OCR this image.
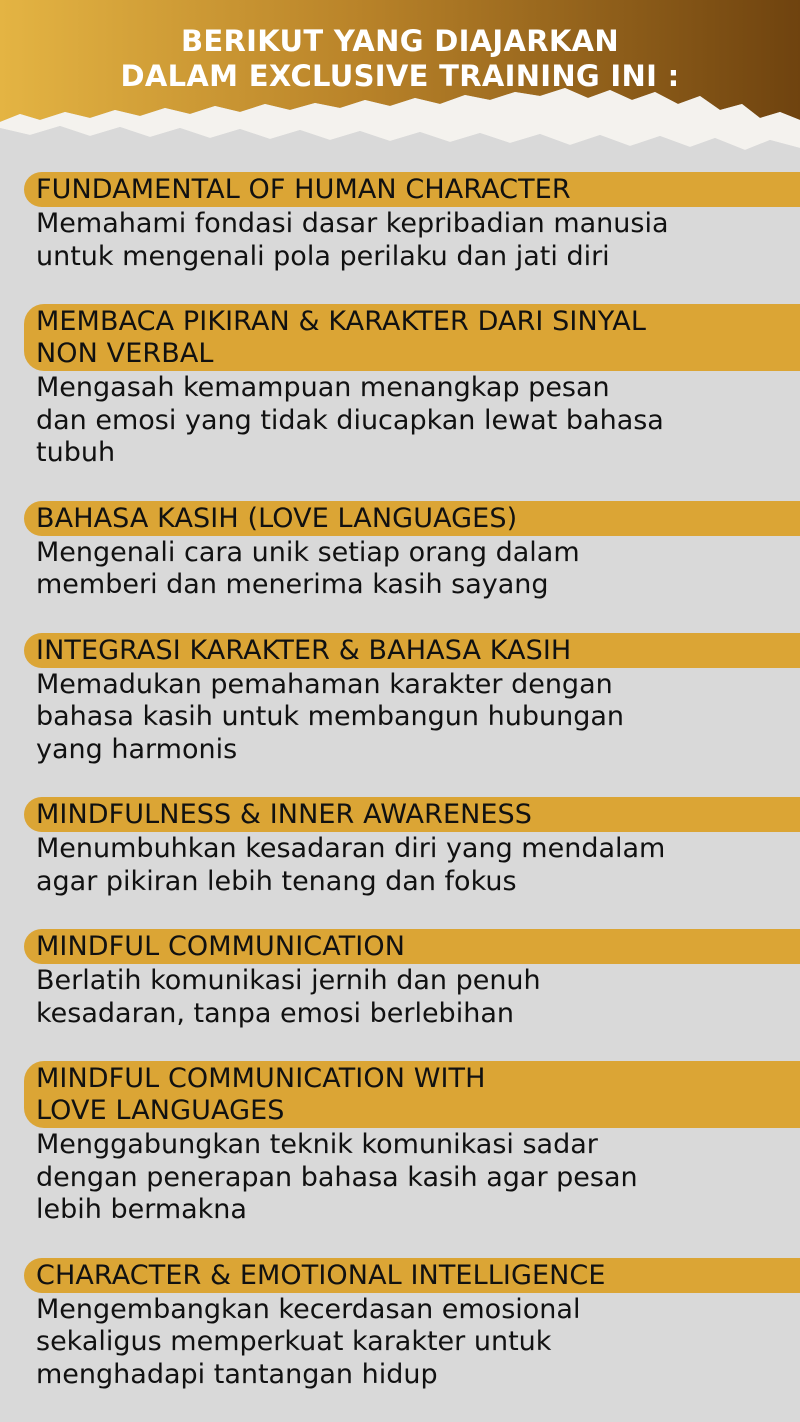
BERIKUT YANG DIAJARKAN
DALAM EXCLUSIVE TRAINING INI :
FUNDAMENTAL OF HUMAN CHARACTER
Memahami fondasi dasar kepribadian manusia
untuk mengenali pola perilaku dan jati diri
MEMBACA PIKIRAN & KARAKTER DARI SINYAL
NON VERBAL
Mengasah kemampuan menangkap pesan
dan emosi yang tidak diucapkan lewat bahasa
tubuh
BAHASA KASIH (LOVE LANGUAGES)
Mengenali cara unik setiap orang dalam
memberi dan menerima kasih sayang
INTEGRASI KARAKTER & BAHASA KASIH
Memadukan pemahaman karakter dengan
bahasa kasih untuk membangun hubungan
yang harmonis
MINDFULNESS & INNER AWARENESS
Menumbuhkan kesadaran diri yang mendalam
agar pikiran lebih tenang dan fokus
MINDFUL COMMUNICATION
Berlatih komunikasi jernih dan penuh
kesadaran, tanpa emosi berlebihan
MINDFUL COMMUNICATION WITH
LOVE LANGUAGES
Menggabungkan teknik komunikasi sadar
dengan penerapan bahasa kasih agar pesan
lebih bermakna
CHARACTER & EMOTIONAL INTELLIGENCE
Mengembangkan kecerdasan emosional
sekaligus memperkuat karakter untuk
menghadapi tantangan hidup
